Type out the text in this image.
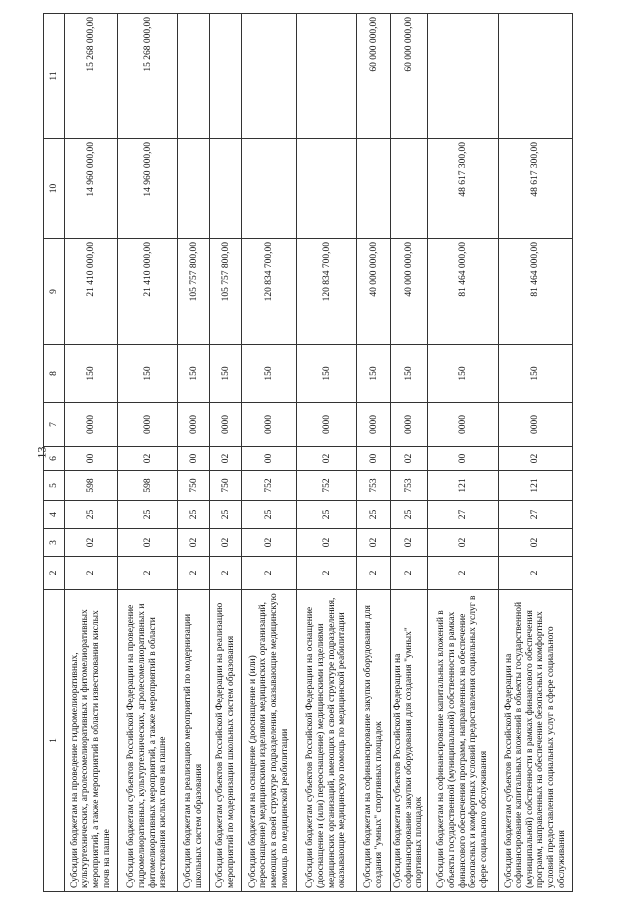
13
1	2	3	4	5	6	7	8	9	10	11
Субсидии бюджетам на проведение гидромелиоративных, культуртехнических, агролесомелиоративных и фитомелиоративных мероприятий, а также мероприятий в области известкования кислых почв на пашне	2	02	25	598	00	0000	150	21 410 000,00	14 960 000,00	15 268 000,00
Субсидии бюджетам субъектов Российской Федерации на проведение гидромелиоративных, культуртехнических, агролесомелиоративных и фитомелиоративных мероприятий, а также мероприятий в области известкования кислых почв на пашне	2	02	25	598	02	0000	150	21 410 000,00	14 960 000,00	15 268 000,00
Субсидии бюджетам на реализацию мероприятий по модернизации школьных систем образования	2	02	25	750	00	0000	150	105 757 800,00		
Субсидии бюджетам субъектов Российской Федерации на реализацию мероприятий по модернизации школьных систем образования	2	02	25	750	02	0000	150	105 757 800,00		
Субсидии бюджетам на оснащение (дооснащение и (или) переоснащение) медицинскими изделиями медицинских организаций, имеющих в своей структуре подразделения, оказывающие медицинскую помощь по медицинской реабилитации	2	02	25	752	00	0000	150	120 834 700,00		
Субсидии бюджетам субъектов Российской Федерации на оснащение (дооснащение и (или) переоснащение) медицинскими изделиями медицинских организаций, имеющих в своей структуре подразделения, оказывающие медицинскую помощь по медицинской реабилитации	2	02	25	752	02	0000	150	120 834 700,00		
Субсидии бюджетам на софинансирование закупки оборудования для создания "умных" спортивных площадок	2	02	25	753	00	0000	150	40 000 000,00		60 000 000,00
Субсидии бюджетам субъектов Российской Федерации на софинансирование закупки оборудования для создания "умных" спортивных площадок	2	02	25	753	02	0000	150	40 000 000,00		60 000 000,00
Субсидии бюджетам на софинансирование капитальных вложений в объекты государственной (муниципальной) собственности в рамках финансового обеспечения программ, направленных на обеспечение безопасных и комфортных условий предоставления социальных услуг в сфере социального обслуживания	2	02	27	121	00	0000	150	81 464 000,00	48 617 300,00	
Субсидии бюджетам субъектов Российской Федерации на софинансирование капитальных вложений в объекты государственной (муниципальной) собственности в рамках финансового обеспечения программ, направленных на обеспечение безопасных и комфортных условий предоставления социальных услуг в сфере социального обслуживания	2	02	27	121	02	0000	150	81 464 000,00	48 617 300,00	
